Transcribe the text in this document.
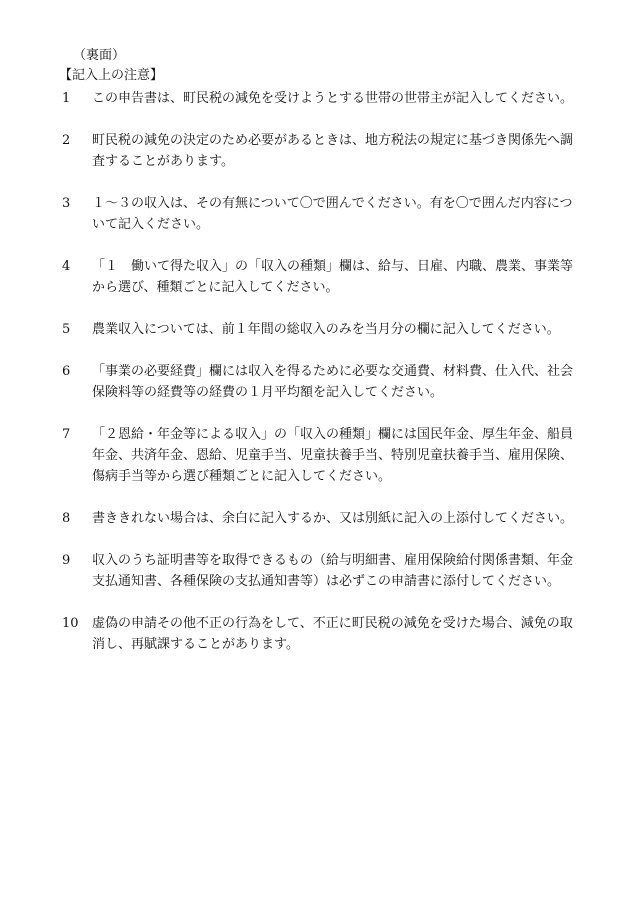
（裏面）
【記入上の注意】
1	この申告書は、町民税の減免を受けようとする世帯の世帯主が記入してください。
2	町民税の減免の決定のため必要があるときは、地方税法の規定に基づき関係先へ調査することがあります。
3	１～３の収入は、その有無について〇で囲んでください。有を〇で囲んだ内容について記入ください。
4	「１　働いて得た収入」の「収入の種類」欄は、給与、日雇、内職、農業、事業等から選び、種類ごとに記入してください。
5	農業収入については、前１年間の総収入のみを当月分の欄に記入してください。
6	「事業の必要経費」欄には収入を得るために必要な交通費、材料費、仕入代、社会保険料等の経費等の経費の１月平均額を記入してください。
7	「２恩給・年金等による収入」の「収入の種類」欄には国民年金、厚生年金、船員年金、共済年金、恩給、児童手当、児童扶養手当、特別児童扶養手当、雇用保険、傷病手当等から選び種類ごとに記入してください。
8	書ききれない場合は、余白に記入するか、又は別紙に記入の上添付してください。
9	収入のうち証明書等を取得できるもの（給与明細書、雇用保険給付関係書類、年金支払通知書、各種保険の支払通知書等）は必ずこの申請書に添付してください。
10	虚偽の申請その他不正の行為をして、不正に町民税の減免を受けた場合、減免の取消し、再賦課することがあります。
